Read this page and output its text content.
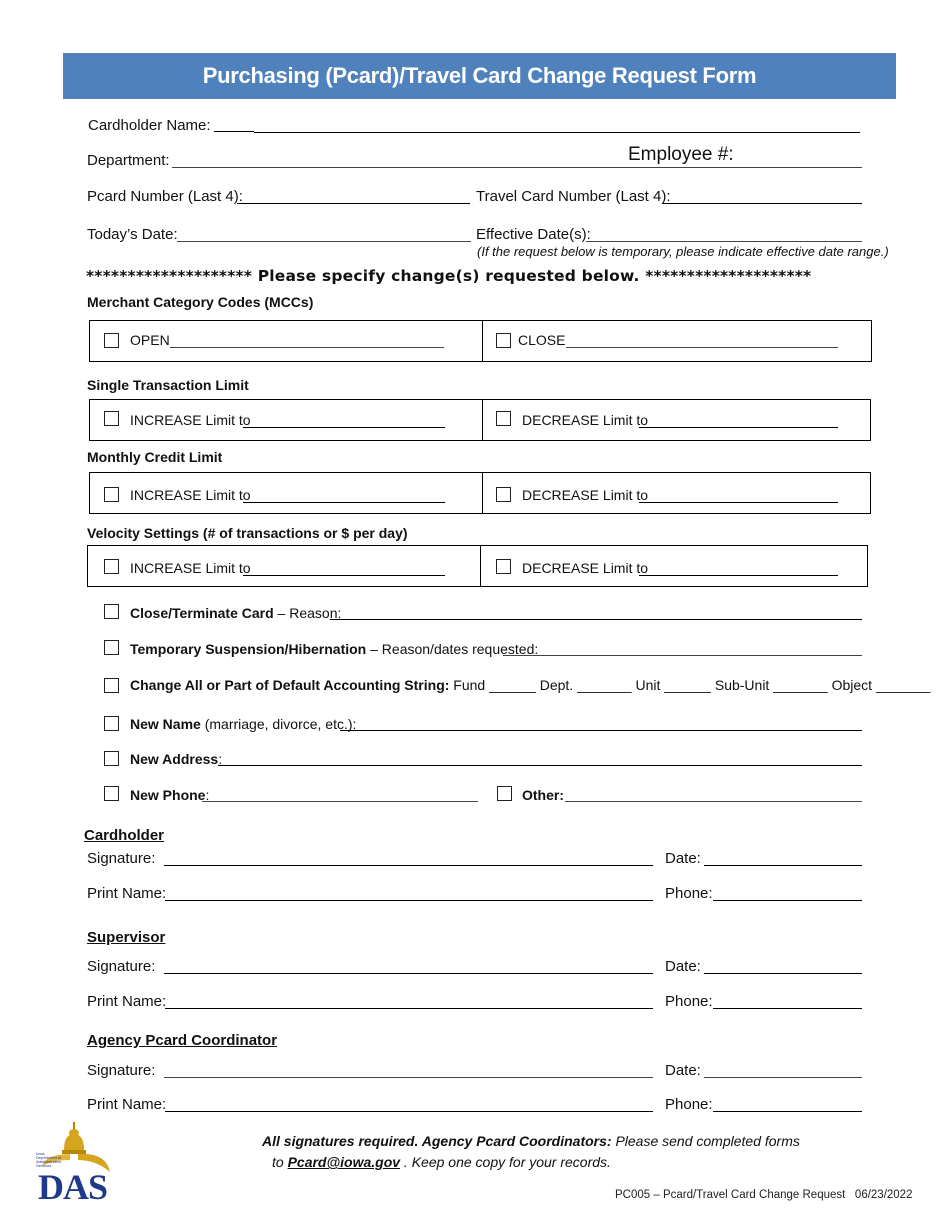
Purchasing (Pcard)/Travel Card Change Request Form
Cardholder Name:
Department:	Employee #:
Pcard Number (Last 4):	Travel Card Number (Last 4):
Today’s Date:	Effective Date(s):
(If the request below is temporary, please indicate effective date range.)
******************** Please specify change(s) requested below. ********************
Merchant Category Codes (MCCs)
OPEN	CLOSE
Single Transaction Limit
INCREASE Limit to	DECREASE Limit to
Monthly Credit Limit
INCREASE Limit to	DECREASE Limit to
Velocity Settings (# of transactions or $ per day)
INCREASE Limit to	DECREASE Limit to
Close/Terminate Card – Reason:
Temporary Suspension/Hibernation – Reason/dates requested:
Change All or Part of Default Accounting String: Fund ______ Dept. _______ Unit ______ Sub-Unit _______ Object _______
New Name (marriage, divorce, etc.):
New Address:
New Phone:	Other:
Cardholder
Signature:	Date:
Print Name:	Phone:
Supervisor
Signature:	Date:
Print Name:	Phone:
Agency Pcard Coordinator
Signature:	Date:
Print Name:	Phone:
Iowa Department of Administrative Services
DAS
All signatures required. Agency Pcard Coordinators: Please send completed forms
to Pcard@iowa.gov . Keep one copy for your records.
PC005 – Pcard/Travel Card Change Request   06/23/2022
